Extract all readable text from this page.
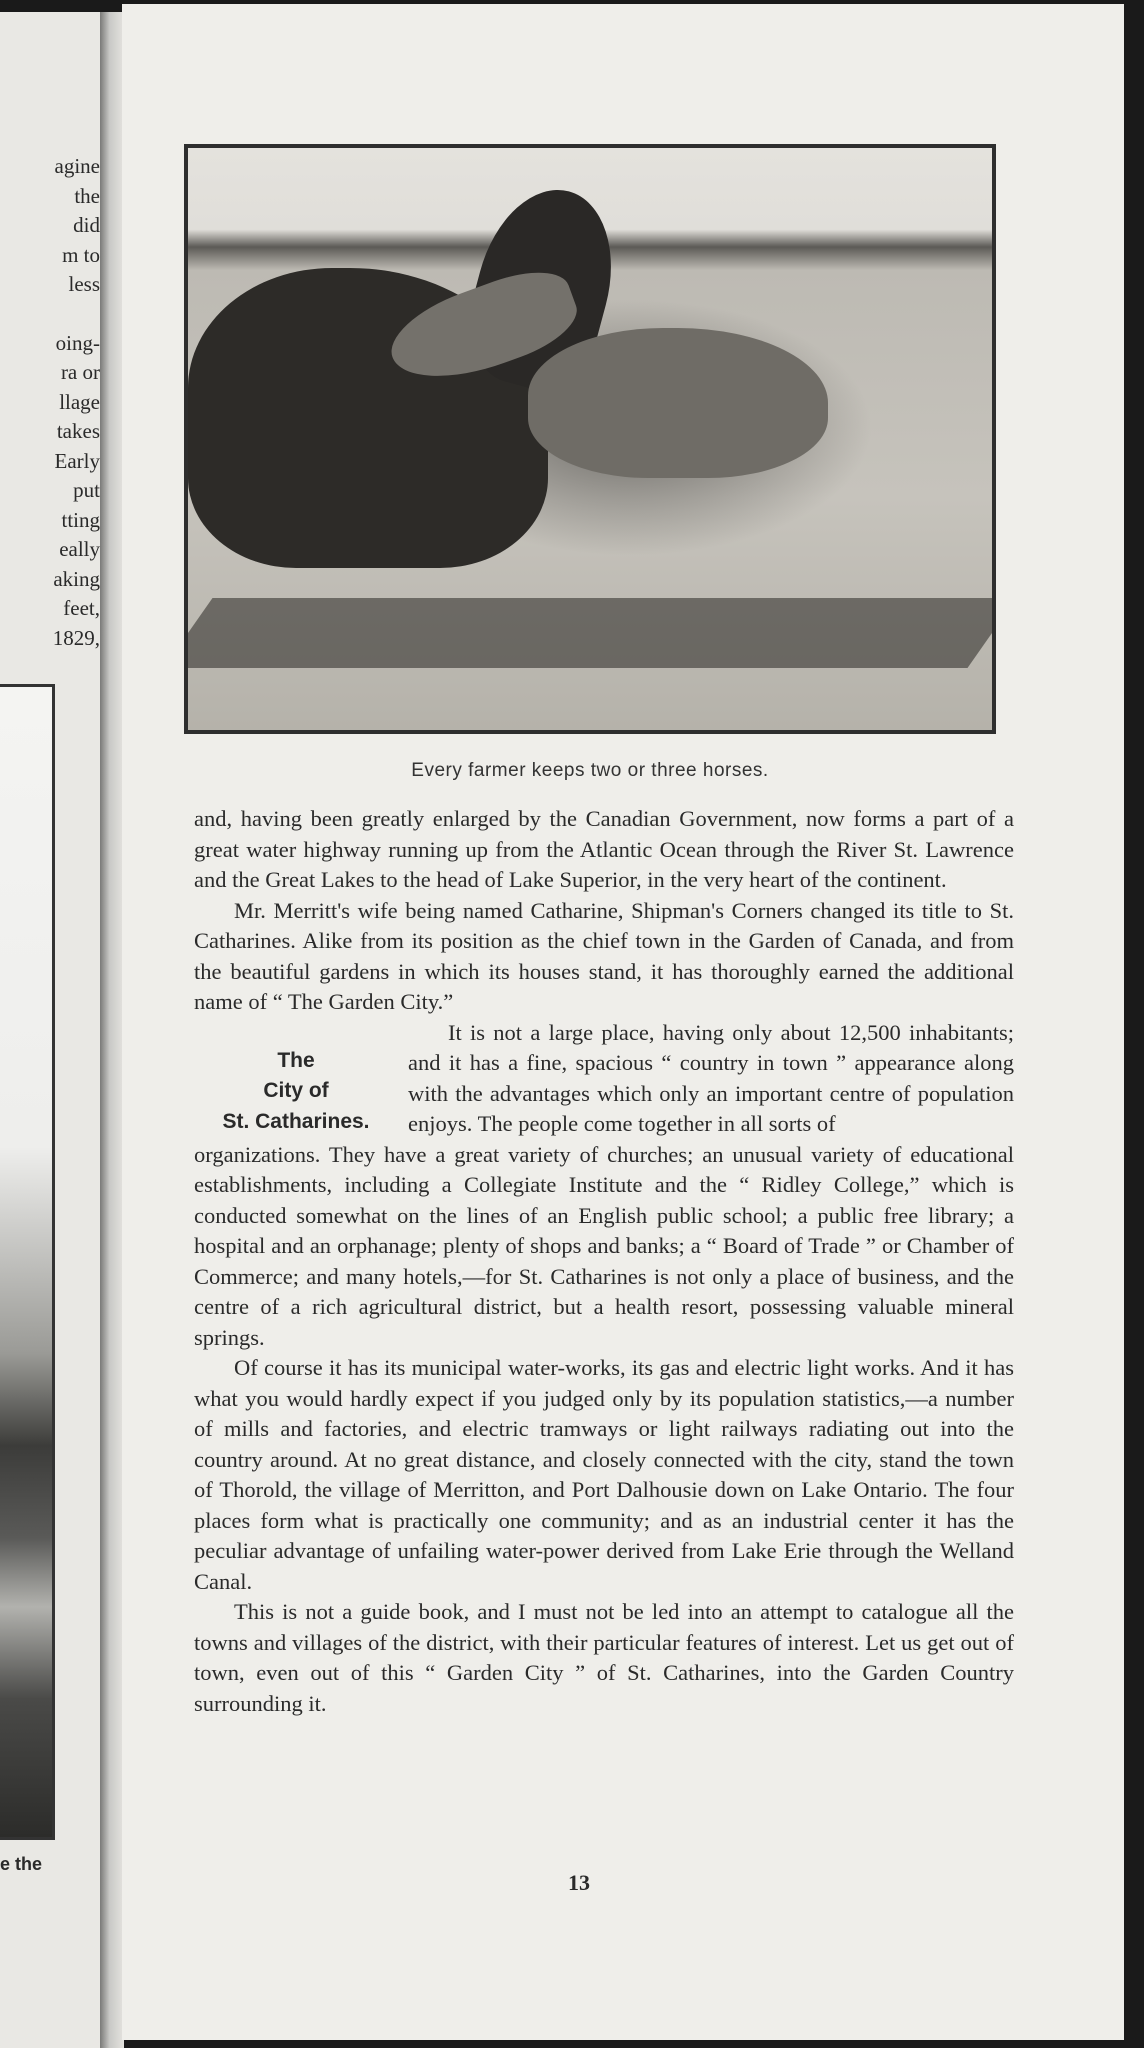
agine
the
did
m to
less
oing-
ra or
llage
takes
Early
put
tting
eally
aking
feet,
1829,
e the
Every farmer keeps two or three horses.

and, having been greatly enlarged by the Canadian Government, now forms a part of a great water highway running up from the Atlantic Ocean through the River St. Lawrence and the Great Lakes to the head of Lake Superior, in the very heart of the continent.

Mr. Merritt's wife being named Catharine, Shipman's Corners changed its title to St. Catharines. Alike from its position as the chief town in the Garden of Canada, and from the beautiful gardens in which its houses stand, it has thoroughly earned the additional name of “ The Garden City.”

The
City of
St. Catharines.

It is not a large place, having only about 12,500 inhabitants; and it has a fine, spacious “ country in town ” appearance along with the advantages which only an important centre of population enjoys. The people come together in all sorts of

organizations. They have a great variety of churches; an unusual variety of educational establishments, including a Collegiate Institute and the “ Ridley College,” which is conducted somewhat on the lines of an English public school; a public free library; a hospital and an orphanage; plenty of shops and banks; a “ Board of Trade ” or Chamber of Commerce; and many hotels,—for St. Catharines is not only a place of business, and the centre of a rich agricultural district, but a health resort, possessing valuable mineral springs.

Of course it has its municipal water-works, its gas and electric light works. And it has what you would hardly expect if you judged only by its population statistics,—a number of mills and factories, and electric tramways or light railways radiating out into the country around. At no great distance, and closely connected with the city, stand the town of Thorold, the village of Merritton, and Port Dalhousie down on Lake Ontario. The four places form what is practically one community; and as an industrial center it has the peculiar advantage of unfailing water-power derived from Lake Erie through the Welland Canal.

This is not a guide book, and I must not be led into an attempt to catalogue all the towns and villages of the district, with their particular features of interest. Let us get out of town, even out of this “ Garden City ” of St. Catharines, into the Garden Country surrounding it.

13
